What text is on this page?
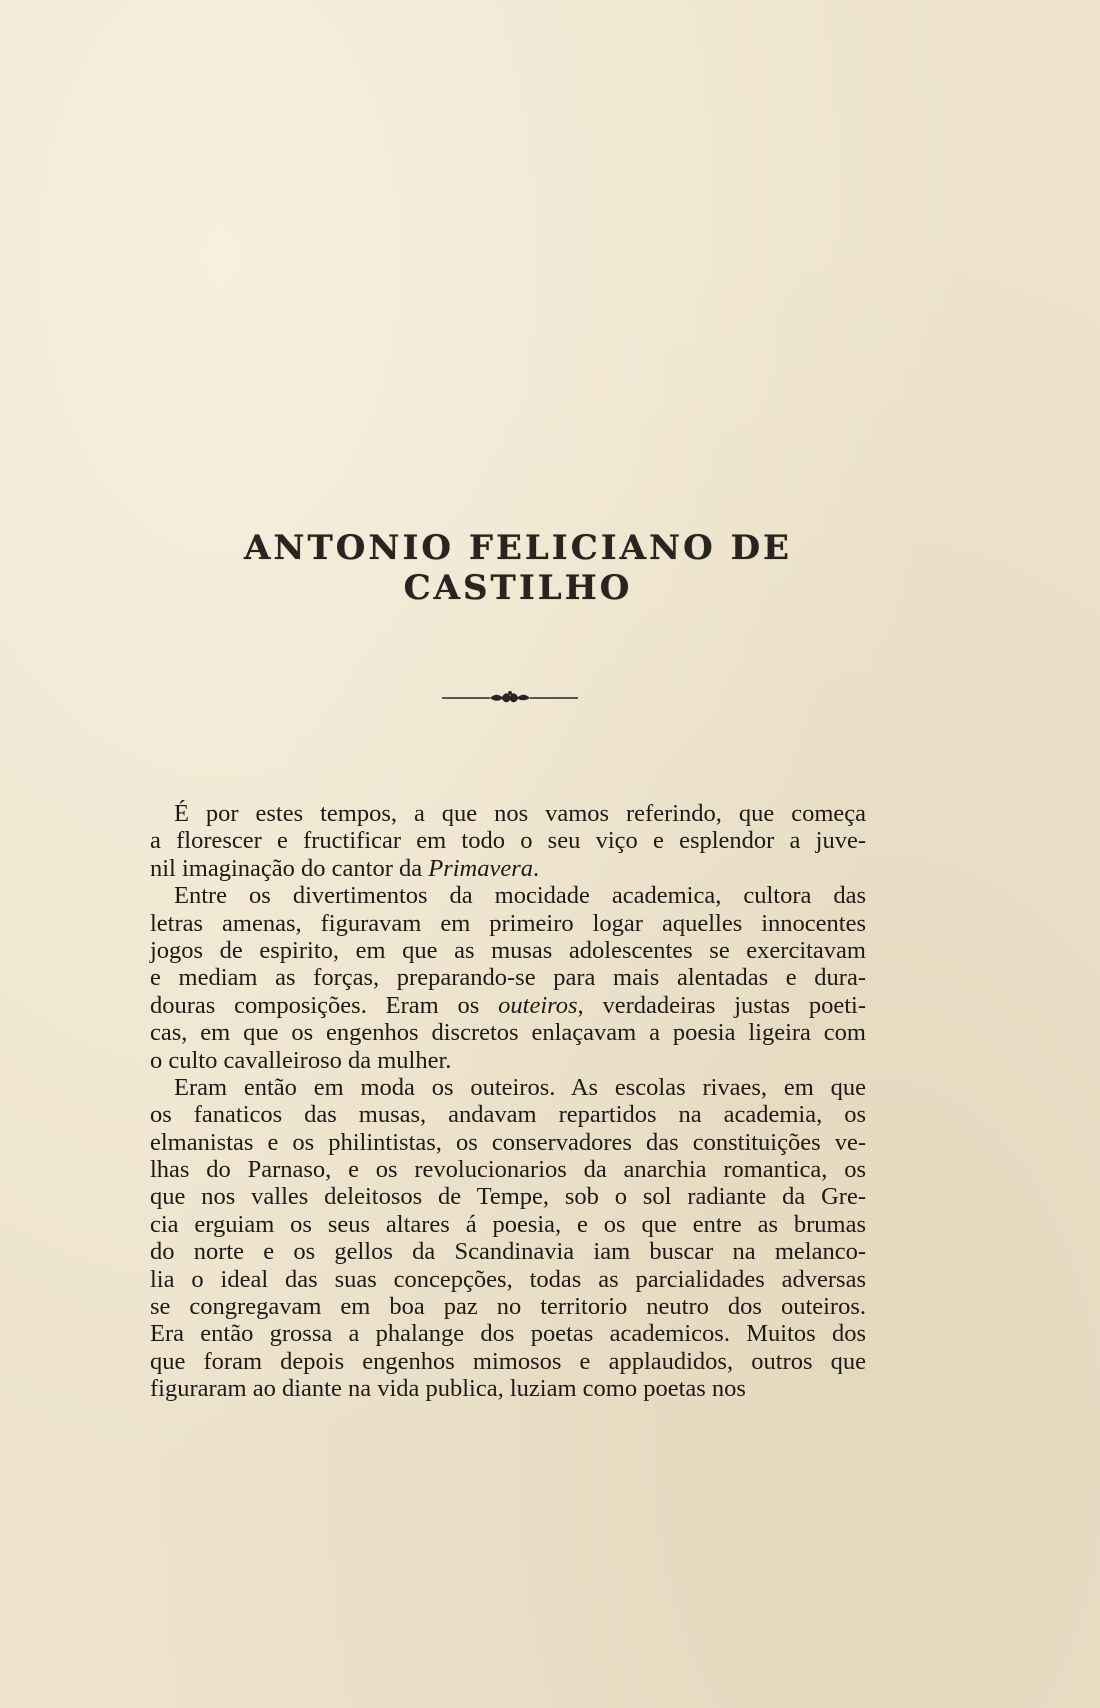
ANTONIO FELICIANO DE CASTILHO
É por estes tempos, a que nos vamos referindo, que começa
a florescer e fructificar em todo o seu viço e esplendor a juve-
nil imaginação do cantor da Primavera.
Entre os divertimentos da mocidade academica, cultora das
letras amenas, figuravam em primeiro logar aquelles innocentes
jogos de espirito, em que as musas adolescentes se exercitavam
e mediam as forças, preparando-se para mais alentadas e dura-
douras composições. Eram os outeiros, verdadeiras justas poeti-
cas, em que os engenhos discretos enlaçavam a poesia ligeira com
o culto cavalleiroso da mulher.
Eram então em moda os outeiros. As escolas rivaes, em que
os fanaticos das musas, andavam repartidos na academia, os
elmanistas e os philintistas, os conservadores das constituições ve-
lhas do Parnaso, e os revolucionarios da anarchia romantica, os
que nos valles deleitosos de Tempe, sob o sol radiante da Gre-
cia erguiam os seus altares á poesia, e os que entre as brumas
do norte e os gellos da Scandinavia iam buscar na melanco-
lia o ideal das suas concepções, todas as parcialidades adversas
se congregavam em boa paz no territorio neutro dos outeiros.
Era então grossa a phalange dos poetas academicos. Muitos dos
que foram depois engenhos mimosos e applaudidos, outros que
figuraram ao diante na vida publica, luziam como poetas nos
